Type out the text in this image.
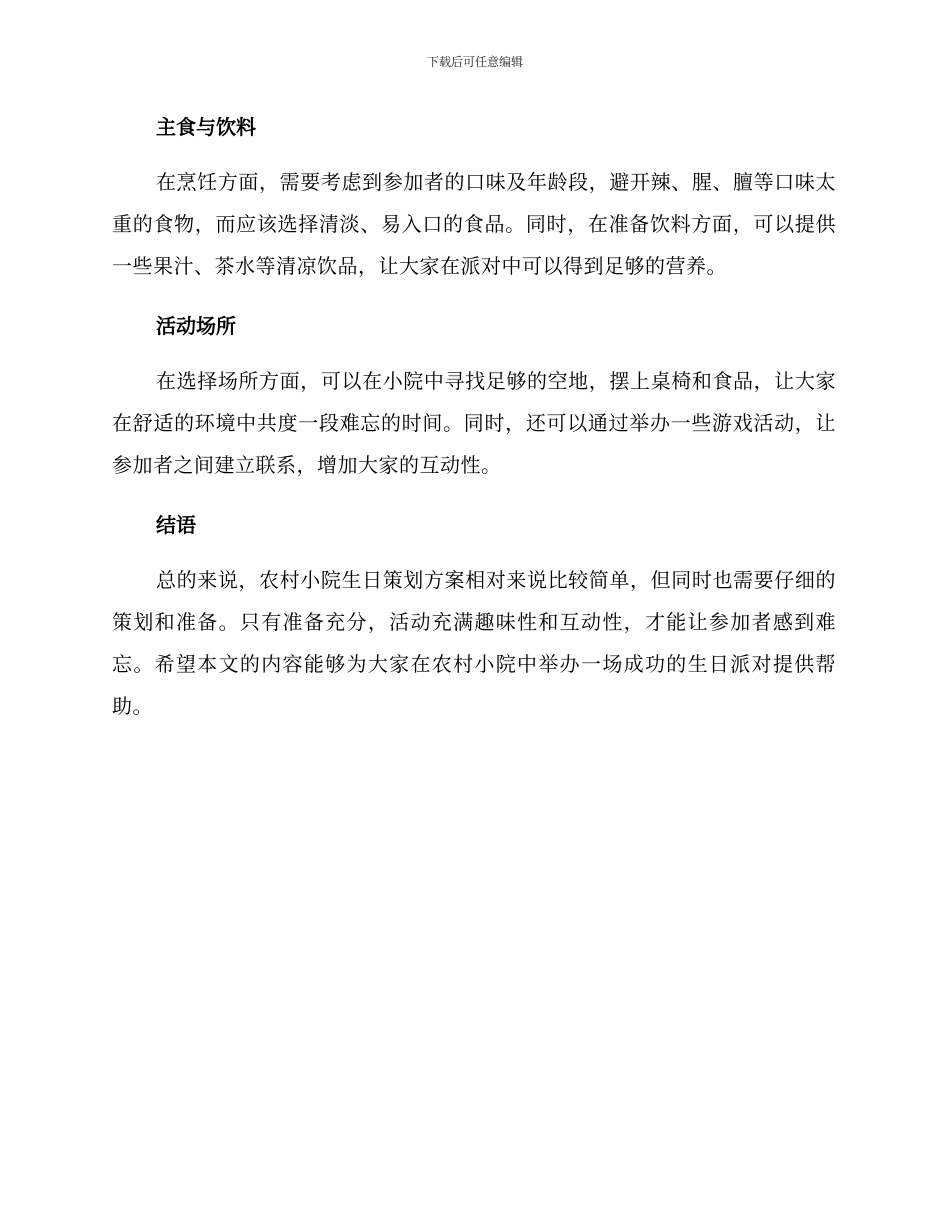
下载后可任意编辑
主食与饮料

在烹饪方面，需要考虑到参加者的口味及年龄段，避开辣、腥、膻等口味太重的食物，而应该选择清淡、易入口的食品。同时，在准备饮料方面，可以提供一些果汁、茶水等清凉饮品，让大家在派对中可以得到足够的营养。

活动场所

在选择场所方面，可以在小院中寻找足够的空地，摆上桌椅和食品，让大家在舒适的环境中共度一段难忘的时间。同时，还可以通过举办一些游戏活动，让参加者之间建立联系，增加大家的互动性。

结语

总的来说，农村小院生日策划方案相对来说比较简单，但同时也需要仔细的策划和准备。只有准备充分，活动充满趣味性和互动性，才能让参加者感到难忘。希望本文的内容能够为大家在农村小院中举办一场成功的生日派对提供帮助。
